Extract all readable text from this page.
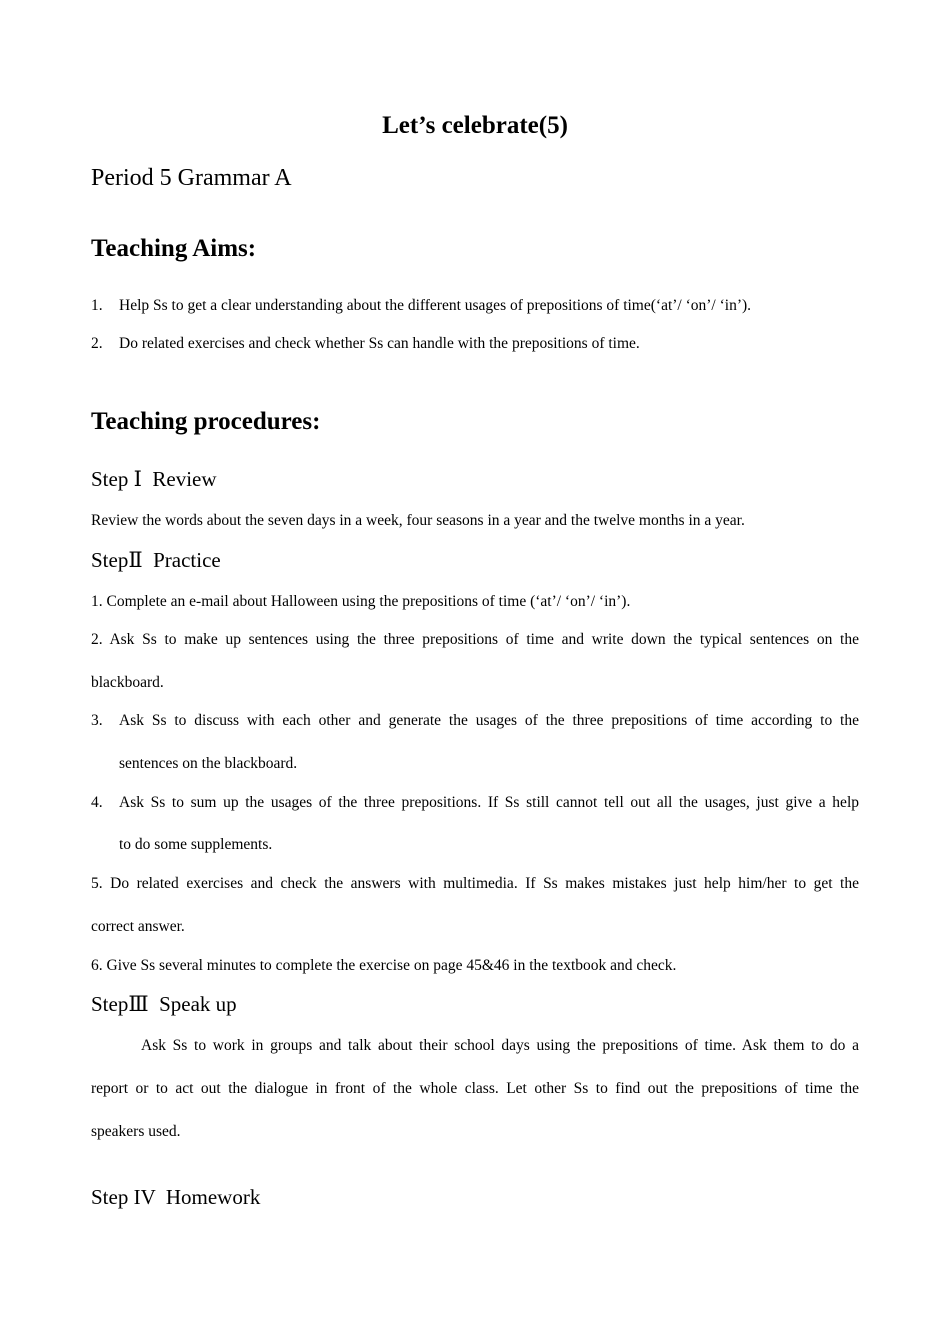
Let’s celebrate(5)
Period 5 Grammar A
Teaching Aims:
1. Help Ss to get a clear understanding about the different usages of prepositions of time(‘at’/ ‘on’/ ‘in’).
2. Do related exercises and check whether Ss can handle with the prepositions of time.
Teaching procedures:
Step Ⅰ  Review
Review the words about the seven days in a week, four seasons in a year and the twelve months in a year.
StepⅡ  Practice
1. Complete an e-mail about Halloween using the prepositions of time (‘at’/ ‘on’/ ‘in’).
2. Ask Ss to make up sentences using the three prepositions of time and write down the typical sentences on the
blackboard.
3. Ask Ss to discuss with each other and generate the usages of the three prepositions of time according to the
sentences on the blackboard.
4. Ask Ss to sum up the usages of the three prepositions. If Ss still cannot tell out all the usages, just give a help
to do some supplements.
5. Do related exercises and check the answers with multimedia. If Ss makes mistakes just help him/her to get the
correct answer.
6. Give Ss several minutes to complete the exercise on page 45&46 in the textbook and check.
StepⅢ  Speak up
Ask Ss to work in groups and talk about their school days using the prepositions of time. Ask them to do a
report or to act out the dialogue in front of the whole class. Let other Ss to find out the prepositions of time the
speakers used.
Step IV  Homework
